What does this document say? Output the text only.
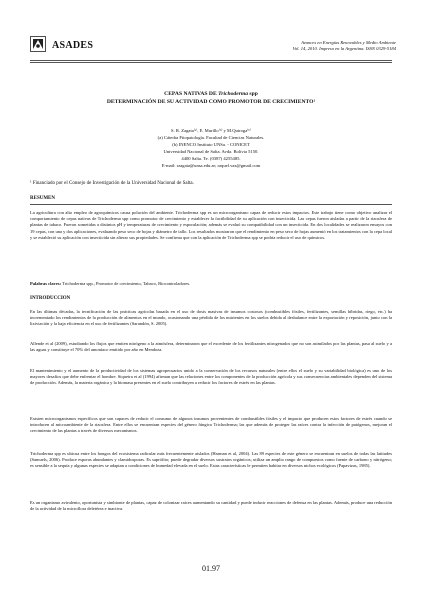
ASADES	Avances en Energías Renovables y Medio Ambiente
Vol. 14, 2010. Impreso en la Argentina. ISSN 0329-5184
CEPAS NATIVAS DE Trichoderma spp
DETERMINACIÓN DE SU ACTIVIDAD COMO PROMOTOR DE CRECIMIENTO¹
S. R. Zagata⁽ᵃ⁾, E. Murillo⁽ᵇ⁾ y M.Quiroga⁽ᵇ⁾
(a) Cátedra Fitopatología. Facultad de Ciencias Naturales.
(b) INENCO Instituto UNSa. - CONICET
Universidad Nacional de Salta. Avda. Bolivia 5150.
4400 Salta. Te. (0387) 4255485.
E-mail: rzagata@unsa.edu.ar; raquel.vaz@gmail.com
¹ Financiado por el Consejo de Investigación de la Universidad Nacional de Salta.
RESUMEN
La agricultura con alto empleo de agroquímicos causa polución del ambiente. Trichoderma spp es un microorganismo capaz de reducir estos impactos. Este trabajo tiene como objetivo analizar el comportamiento de cepas nativas de Trichoderma spp como promotor de crecimiento y establecer la factibilidad de su aplicación con insecticida. Las cepas fueron aisladas a partir de la rizosfera de plantas de tabaco. Fueron sometidas a distintos pH y temperaturas de crecimiento y esporulación; además se evaluó su compatibilidad con un insecticida. En dos localidades se realizaron ensayos con 19 cepas, con una y dos aplicaciones, evaluando peso seco de hojas y diámetro de tallo. Los resultados mostraron que el rendimiento en peso seco de hojas aumentó en los tratamientos con la cepa local y se estableció su aplicación con insecticida sin alterar sus propiedades. Se confirma que con la aplicación de Trichoderma spp se podría reducir el uso de químicos.
Palabras claves: Trichoderma spp., Promotor de crecimiento, Tabaco, Biocontroladores.
INTRODUCCION
En las últimas décadas, la tecnificación de las prácticas agrícolas basada en el uso de dosis masivas de insumos costosos (combustibles fósiles, fertilizantes, semillas híbridas, riego, etc.) ha incrementado los rendimientos de la producción de alimentos en el mundo, ocasionando una pérdida de los nutrientes en los suelos debida al desbalance entre la exportación y reposición, junto con la lixiviación y la baja eficiencia en el uso de fertilizantes (Sarandón, S. 2005).
Allende et al (2009), estudiando los flujos que emiten nitrógeno a la atmósfera, determinaron que el excedente de los fertilizantes nitrogenados que no son asimilados por las plantas, pasa al suelo y a las aguas y constituye el 70% del amoníaco emitido por año en Mendoza.
El mantenimiento y el aumento de la productividad de los sistemas agropecuarios unido a la conservación de los recursos naturales (entre ellos el suelo y su variabilidad biológica) es uno de los mayores desafíos que debe enfrentar el hombre. Siqueira et al (1994) afirman que las relaciones entre los componentes de la producción agrícola y sus consecuencias ambientales dependen del sistema de producción. Además, la materia orgánica y la biomasa presentes en el suelo contribuyen a reducir los factores de estrés en las plantas.
Existen microorganismos específicos que son capaces de reducir el consumo de algunos insumos provenientes de combustibles fósiles y el impacto que producen estos factores de estrés cuando se introducen al microambiente de la rizosfera. Entre ellos se encuentran especies del género fúngico Trichoderma; las que además de proteger las raíces contra la infección de patógenos, mejoran el crecimiento de las plantas a través de diversos mecanismos.
Trichoderma spp es ubicua entre los hongos del ecosistema radicular más frecuentemente aislados (Harman et al, 2004). Las 89 especies de este género se encuentran en suelos de todas las latitudes (Samuels, 2006). Produce esporas abundantes y clamidosporas. Es saprófito; puede degradar diversos sustratos orgánicos; utiliza un amplio rango de compuestos como fuente de carbono y nitrógeno; es sensible a la sequía y algunas especies se adaptan a condiciones de humedad elevada en el suelo. Estas características le permiten habitar en diversos nichos ecológicos (Papavizas, 1985).
Es un organismo avirulento, oportunista y simbionte de plantas, capaz de colonizar raíces aumentando su cantidad y puede inducir reacciones de defensa en las plantas. Además, produce una reducción de la actividad de la microflora deletérea e inactiva.
01.97
